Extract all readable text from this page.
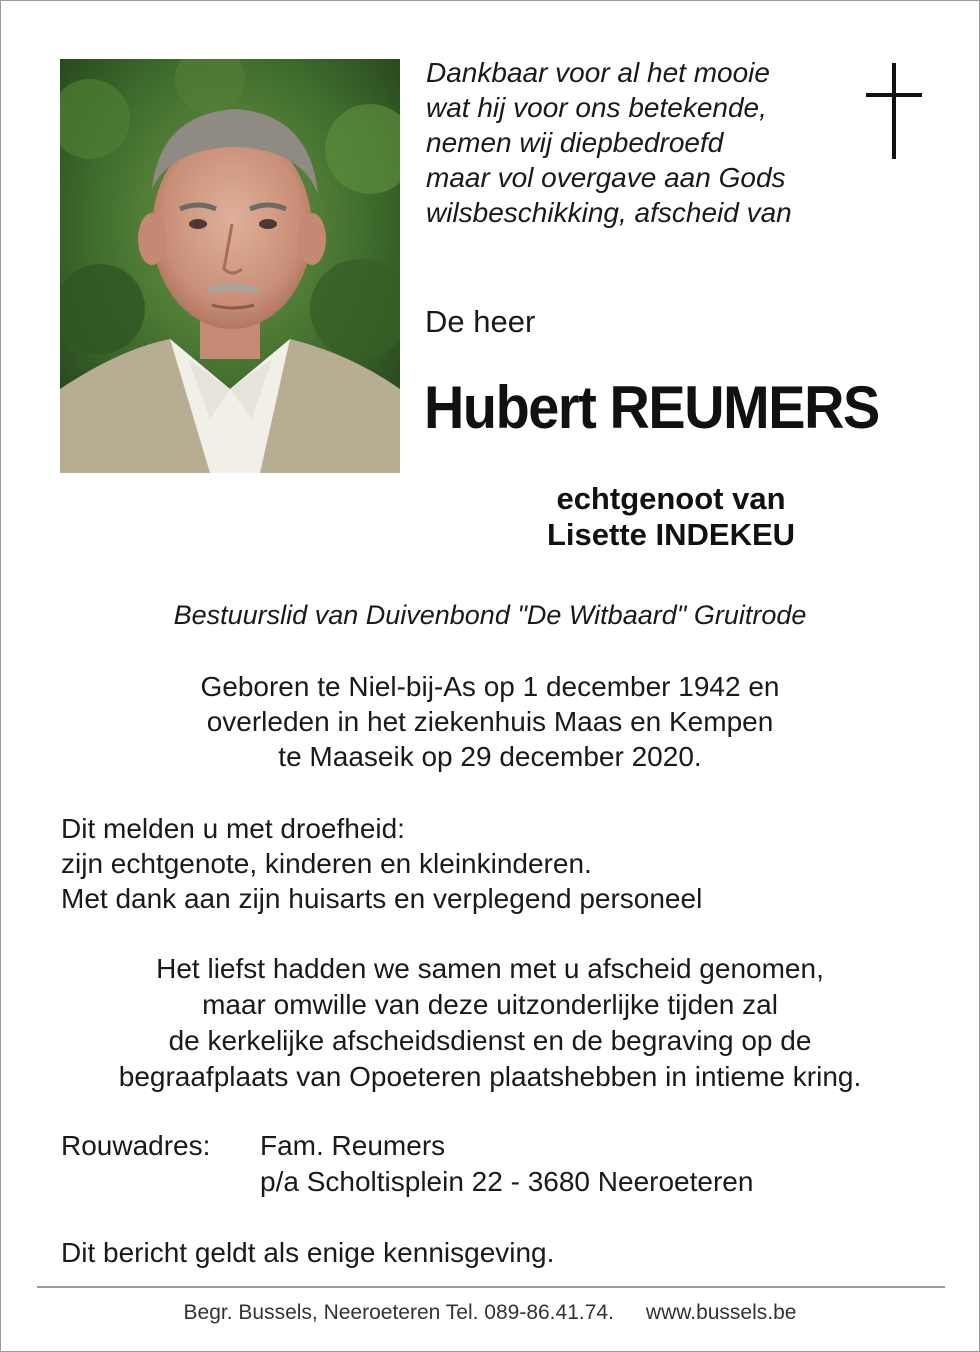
Dankbaar voor al het mooie
wat hij voor ons betekende,
nemen wij diepbedroefd
maar vol overgave aan Gods
wilsbeschikking, afscheid van
De heer
Hubert REUMERS
echtgenoot van
Lisette INDEKEU
Bestuurslid van Duivenbond "De Witbaard" Gruitrode
Geboren te Niel-bij-As op 1 december 1942 en
overleden in het ziekenhuis Maas en Kempen
te Maaseik op 29 december 2020.
Dit melden u met droefheid:
zijn echtgenote, kinderen en kleinkinderen.
Met dank aan zijn huisarts en verplegend personeel
Het liefst hadden we samen met u afscheid genomen,
maar omwille van deze uitzonderlijke tijden zal
de kerkelijke afscheidsdienst en de begraving op de
begraafplaats van Opoeteren plaatshebben in intieme kring.
Rouwadres: Fam. Reumers
p/a Scholtisplein 22 - 3680 Neeroeteren
Dit bericht geldt als enige kennisgeving.
Begr. Bussels, Neeroeteren Tel. 089-86.41.74. www.bussels.be
